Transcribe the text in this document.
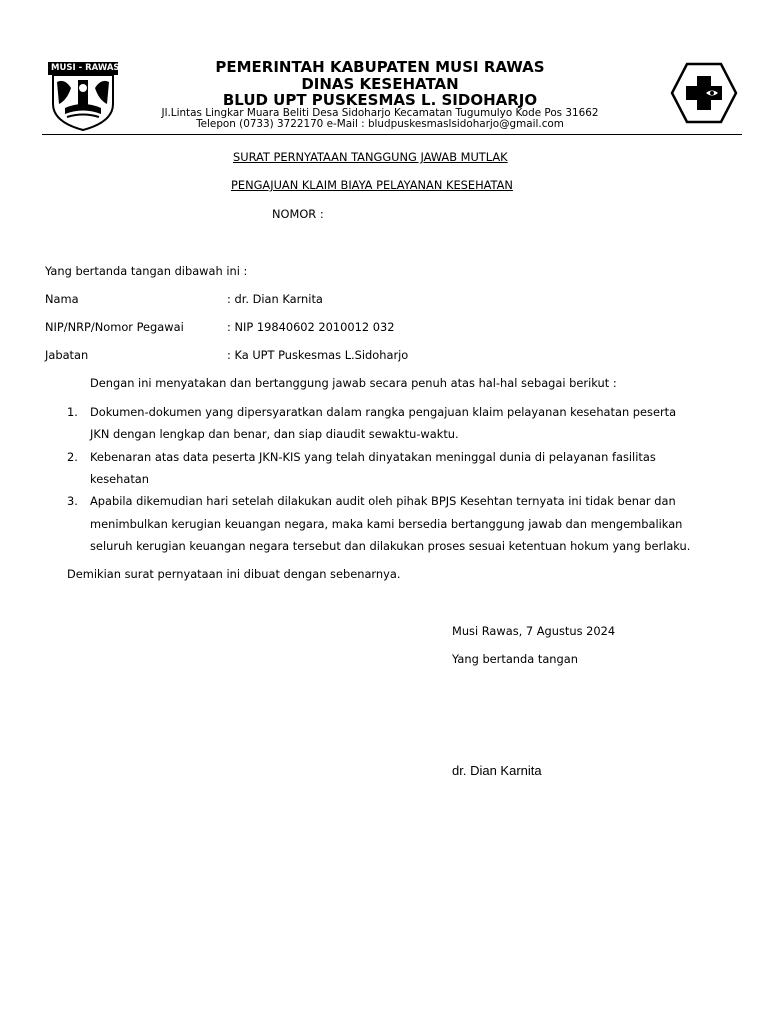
MUSI - RAWAS	PEMERINTAH KABUPATEN MUSI RAWAS
DINAS KESEHATAN
BLUD UPT PUSKESMAS L. SIDOHARJO
Jl.Lintas Lingkar Muara Beliti Desa Sidoharjo Kecamatan Tugumulyo Kode Pos 31662
Telepon (0733) 3722170 e-Mail : bludpuskesmaslsidoharjo@gmail.com
SURAT PERNYATAAN TANGGUNG JAWAB MUTLAK
PENGAJUAN KLAIM BIAYA PELAYANAN KESEHATAN
NOMOR :
Yang bertanda tangan dibawah ini :
Nama	: dr. Dian Karnita
NIP/NRP/Nomor Pegawai	: NIP 19840602 2010012 032
Jabatan	: Ka UPT Puskesmas L.Sidoharjo
Dengan ini menyatakan dan bertanggung jawab secara penuh atas hal-hal sebagai berikut :
1. Dokumen-dokumen yang dipersyaratkan dalam rangka pengajuan klaim pelayanan kesehatan peserta
JKN dengan lengkap dan benar, dan siap diaudit sewaktu-waktu.
2. Kebenaran atas data peserta JKN-KIS yang telah dinyatakan meninggal dunia di pelayanan fasilitas
kesehatan
3. Apabila dikemudian hari setelah dilakukan audit oleh pihak BPJS Kesehtan ternyata ini tidak benar dan
menimbulkan kerugian keuangan negara, maka kami bersedia bertanggung jawab dan mengembalikan
seluruh kerugian keuangan negara tersebut dan dilakukan proses sesuai ketentuan hokum yang berlaku.
Demikian surat pernyataan ini dibuat dengan sebenarnya.
Musi Rawas, 7 Agustus 2024
Yang bertanda tangan
dr. Dian Karnita
